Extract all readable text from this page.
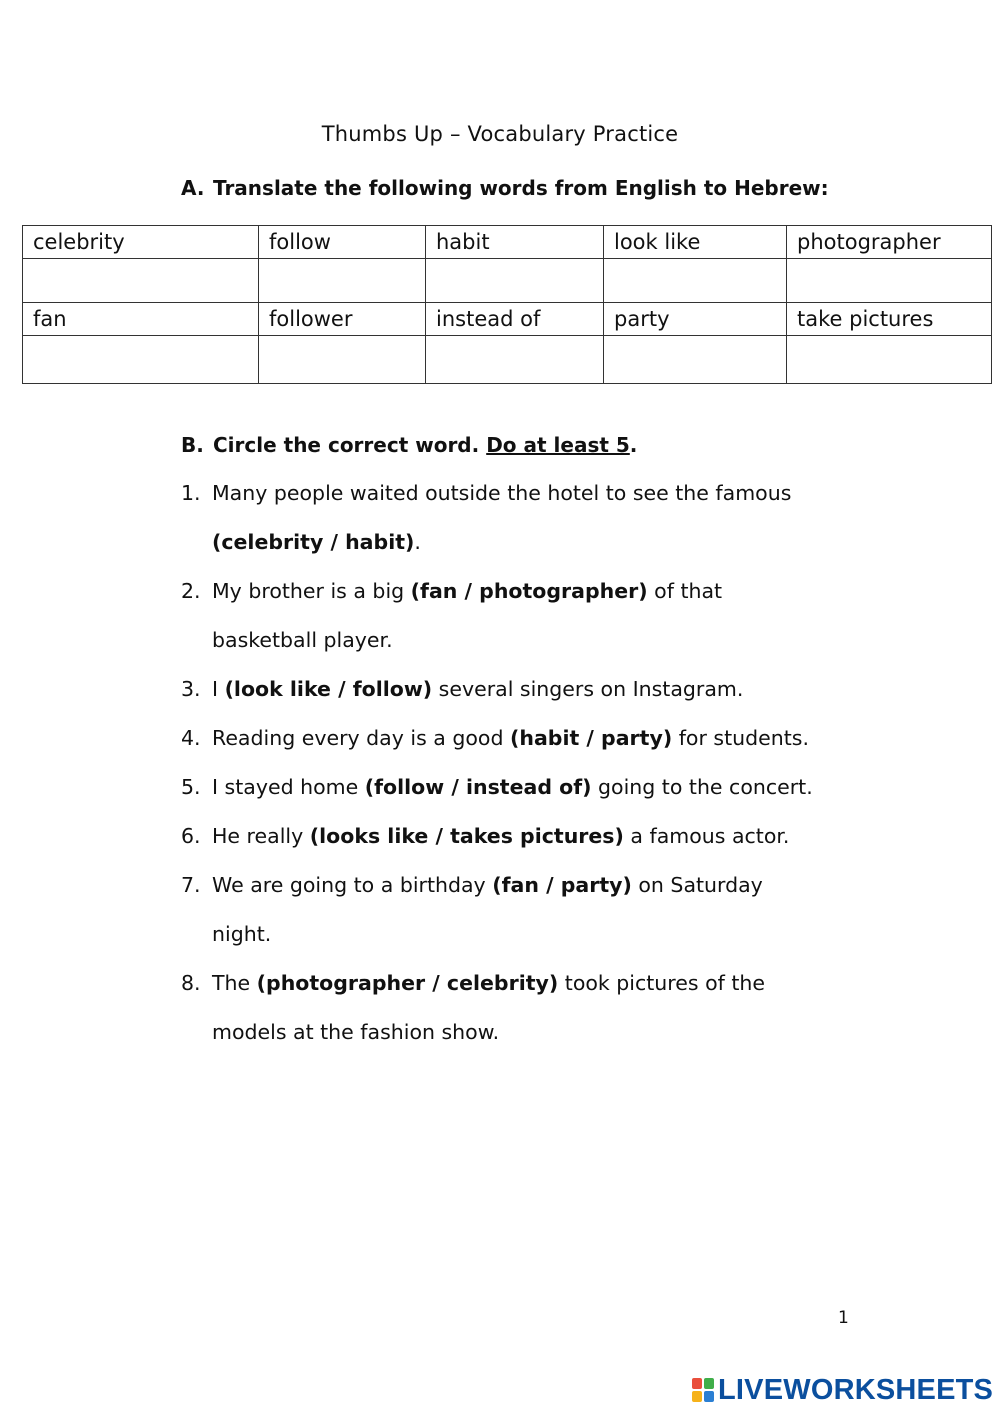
Thumbs Up – Vocabulary Practice
A. Translate the following words from English to Hebrew:
celebrity	follow	habit	look like	photographer

fan	follower	instead of	party	take pictures

B. Circle the correct word. Do at least 5.
1. Many people waited outside the hotel to see the famous
(celebrity / habit).
2. My brother is a big (fan / photographer) of that
basketball player.
3. I (look like / follow) several singers on Instagram.
4. Reading every day is a good (habit / party) for students.
5. I stayed home (follow / instead of) going to the concert.
6. He really (looks like / takes pictures) a famous actor.
7. We are going to a birthday (fan / party) on Saturday
night.
8. The (photographer / celebrity) took pictures of the
models at the fashion show.
1
LIVEWORKSHEETS
